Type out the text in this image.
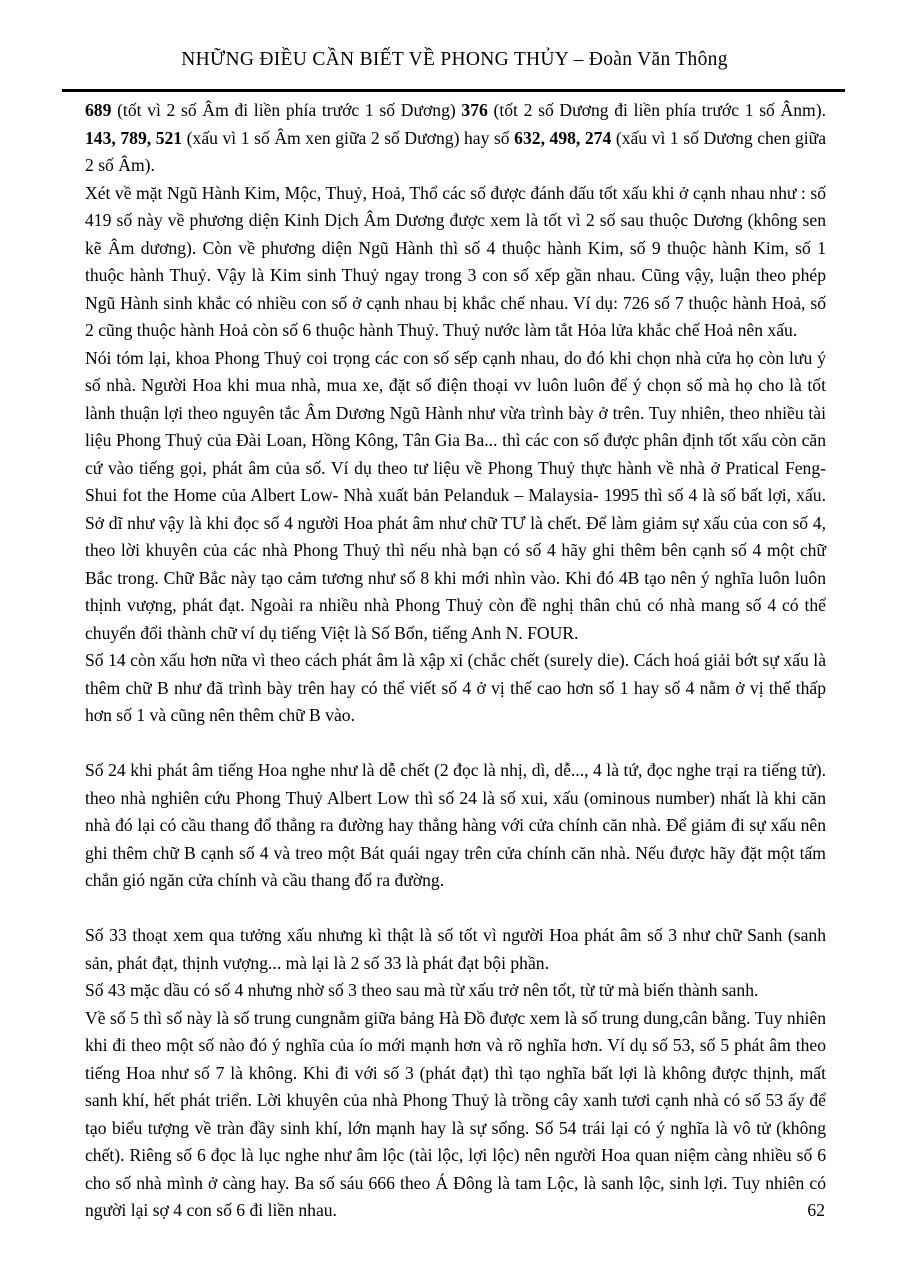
NHỮNG ĐIỀU CẦN BIẾT VỀ PHONG THỦY – Đoàn Văn Thông

689 (tốt vì 2 số Âm đi liền phía trước 1 số Dương) 376 (tốt 2 số Dương đi liền phía trước 1 số Ânm). 143, 789, 521 (xấu vì 1 số Âm xen giữa 2 số Dương) hay số 632, 498, 274 (xấu vì 1 số Dương chen giữa 2 số Âm).

Xét về mặt Ngũ Hành Kim, Mộc, Thuỷ, Hoả, Thổ các số được đánh dấu tốt xấu khi ở cạnh nhau như : số 419 số này về phương diện Kinh Dịch Âm Dương được xem là tốt vì 2 số sau thuộc Dương (không sen kẽ Âm dương). Còn về phương diện Ngũ Hành thì số 4 thuộc hành Kim, số 9 thuộc hành Kim, số 1 thuộc hành Thuỷ. Vậy là Kim sinh Thuỷ ngay trong 3 con số xếp gần nhau. Cũng vậy, luận theo phép Ngũ Hành sinh khắc có nhiều con số ở cạnh nhau bị khắc chế nhau. Ví dụ: 726 số 7 thuộc hành Hoả, số 2 cũng thuộc hành Hoả còn số 6 thuộc hành Thuỷ. Thuỷ nước làm tắt Hỏa lửa khắc chế Hoả nên xấu.

Nói tóm lại, khoa Phong Thuỷ coi trọng các con số sếp cạnh nhau, do đó khi chọn nhà cửa họ còn lưu ý số nhà. Người Hoa khi mua nhà, mua xe, đặt số điện thoại vv luôn luôn để ý chọn số mà họ cho là tốt lành thuận lợi theo nguyên tắc Âm Dương Ngũ Hành như vừa trình bày ở trên. Tuy nhiên, theo nhiều tài liệu Phong Thuỷ của Đài Loan, Hồng Kông, Tân Gia Ba... thì các con số được phân định tốt xấu còn căn cứ vào tiếng gọi, phát âm của số. Ví dụ theo tư liệu về Phong Thuỷ thực hành về nhà ở Pratical Feng-Shui fot the Home của Albert Low- Nhà xuất bản Pelanduk – Malaysia- 1995 thì số 4 là số bất lợi, xấu. Sở dĩ như vậy là khi đọc số 4 người Hoa phát âm như chữ TƯ là chết. Để làm giảm sự xấu của con số 4, theo lời khuyên của các nhà Phong Thuỷ thì nếu nhà bạn có số 4 hãy ghi thêm bên cạnh số 4 một chữ Bắc trong. Chữ Bắc này tạo cảm tương như số 8 khi mới nhìn vào. Khi đó 4B tạo nên ý nghĩa luôn luôn thịnh vượng, phát đạt. Ngoài ra nhiều nhà Phong Thuỷ còn đề nghị thân chủ có nhà mang số 4 có thể chuyển đổi thành chữ ví dụ tiếng Việt là Số Bốn, tiếng Anh N. FOUR.

Số 14 còn xấu hơn nữa vì theo cách phát âm là xập xỉ (chắc chết (surely die). Cách hoá giải bớt sự xấu là thêm chữ B như đã trình bày trên hay có thể viết số 4 ở vị thế cao hơn số 1 hay số 4 nằm ở vị thế thấp hơn số 1 và cũng nên thêm chữ B vào.

Số 24 khi phát âm tiếng Hoa nghe như là dễ chết (2 đọc là nhị, dì, dễ..., 4 là tứ, đọc nghe trại ra tiếng tử). theo nhà nghiên cứu Phong Thuỷ Albert Low thì số 24 là số xui, xấu (ominous number) nhất là khi căn nhà đó lại có cầu thang đổ thẳng ra đường hay thẳng hàng với cửa chính căn nhà. Để giảm đi sự xấu nên ghi thêm chữ B cạnh số 4 và treo một Bát quái ngay trên cửa chính căn nhà. Nếu được hãy đặt một tấm chắn gió ngăn cửa chính và cầu thang đổ ra đường.

Số 33 thoạt xem qua tưởng xấu nhưng kì thật là số tốt vì người Hoa phát âm số 3 như chữ Sanh (sanh sản, phát đạt, thịnh vượng... mà lại là 2 số 33 là phát đạt bội phần.

Số 43 mặc dầu có số 4 nhưng nhờ số 3 theo sau mà từ xấu trở nên tốt, từ tử mà biến thành sanh.

Về số 5 thì số này là số trung cungnằm giữa bảng Hà Đồ được xem là số trung dung,cân bằng. Tuy nhiên khi đi theo một số nào đó ý nghĩa của ío mới mạnh hơn và rõ nghĩa hơn. Ví dụ số 53, số 5 phát âm theo tiếng Hoa như số 7 là không. Khi đi với số 3 (phát đạt) thì tạo nghĩa bất lợi là không được thịnh, mất sanh khí, hết phát triển. Lời khuyên của nhà Phong Thuỷ là trồng cây xanh tươi cạnh nhà có số 53 ấy để tạo biểu tượng về tràn đầy sinh khí, lớn mạnh hay là sự sống. Số 54 trái lại có ý nghĩa là vô tử (không chết). Riêng số 6 đọc là lục nghe như âm lộc (tài lộc, lợi lộc) nên người Hoa quan niệm càng nhiều số 6 cho số nhà mình ở càng hay. Ba số sáu 666 theo Á Đông là tam Lộc, là sanh lộc, sinh lợi. Tuy nhiên có người lại sợ 4 con số 6 đi liền nhau.	62
